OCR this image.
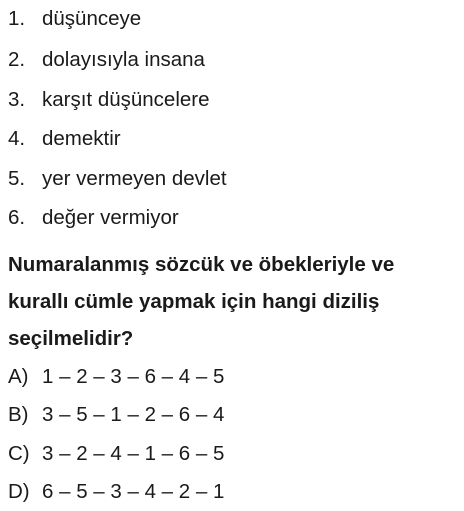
1. düşünceye
2. dolayısıyla insana
3. karşıt düşüncelere
4. demektir
5. yer vermeyen devlet
6. değer vermiyor
Numaralanmış sözcük ve öbekleriyle ve
kurallı cümle yapmak için hangi diziliş
seçilmelidir?
A) 1 – 2 – 3 – 6 – 4 – 5
B) 3 – 5 – 1 – 2 – 6 – 4
C) 3 – 2 – 4 – 1 – 6 – 5
D) 6 – 5 – 3 – 4 – 2 – 1
